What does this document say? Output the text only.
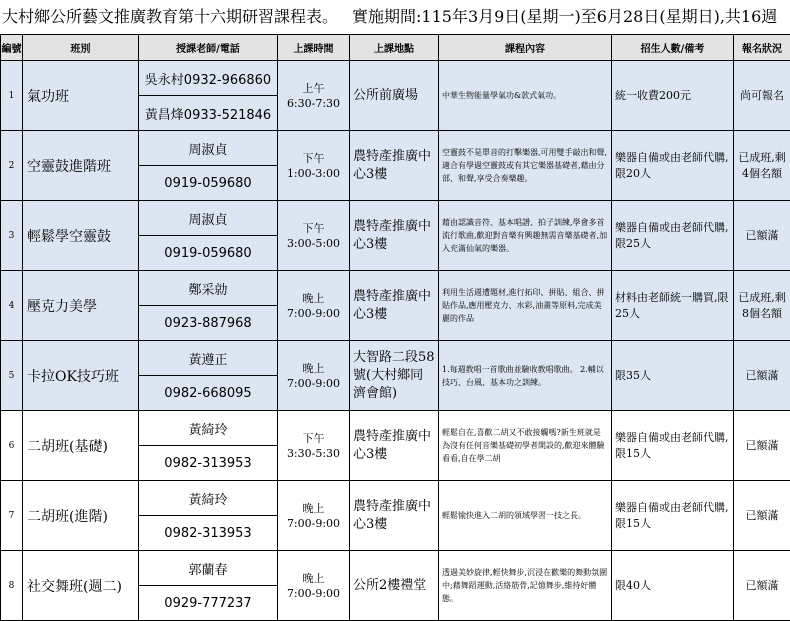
大村鄉公所藝文推廣教育第十六期研習課程表。 實施期間:115年3月9日(星期一)至6月28日(星期日),共16週
編號	班別	授課老師/電話	上課時間	上課地點	課程內容	招生人數/備考	報名狀況
1	氣功班	吳永村0932-966860	上午
6:30-7:30	公所前廣場	中華生物能量學氣功&款式氣功。	統一收費200元	尚可報名
		黃昌烽0933-521846					
2	空靈鼓進階班	周淑貞	下午
1:00-3:00	農特產推廣中心3樓	空靈鼓不是單音的打擊樂器,可用雙手敲出和聲,適合有學過空靈鼓或有其它樂器基礎者,藉由分部、和聲,享受合奏樂趣。	樂器自備或由老師代購,限20人	已成班,剩4個名額
		0919-059680					
3	輕鬆學空靈鼓	周淑貞	下午
3:00-5:00	農特產推廣中心3樓	藉由認識音符、基本唱譜、拍子訓練,學會多首流行歌曲,歡迎對音樂有興趣無需音樂基礎者,加入充滿仙氣的樂器。	樂器自備或由老師代購,限25人	已額滿
		0919-059680					
4	壓克力美學	鄭采勍	晚上
7:00-9:00	農特產推廣中心3樓	利用生活週遭題材,進行拓印、拼貼、組合、拼貼作品,應用壓克力、水彩,油畫等原料,完成美麗的作品	材料由老師統一購買,限25人	已成班,剩8個名額
		0923-887968					
5	卡拉OK技巧班	黃遵正	晚上
7:00-9:00	大智路二段58號(大村鄉同濟會館)	1.每週教唱一首歌曲並驗收教唱歌曲。 2.輔以技巧、台風、基本功之訓練。	限35人	已額滿
		0982-668095					
6	二胡班(基礎)	黃綺玲	下午
3:30-5:30	農特產推廣中心3樓	輕鬆自在,喜歡二胡又不敢接觸嗎?新生班就是為沒有任何音樂基礎初學者開設的,歡迎來體驗看看,自在學二胡	樂器自備或由老師代購,限15人	已額滿
		0982-313953					
7	二胡班(進階)	黃綺玲	晚上
7:00-9:00	農特產推廣中心3樓	輕鬆愉快進入二胡的領域學習一技之長。	樂器自備或由老師代購,限15人	已額滿
		0982-313953					
8	社交舞班(週二)	郭蘭春	晚上
7:00-9:00	公所2樓禮堂	透過美妙旋律,輕快舞步,沉浸在歡樂的舞動氛圍中;藉舞蹈運動,活絡筋骨,記憶舞步,維持好體態。	限40人	已額滿
		0929-777237					
